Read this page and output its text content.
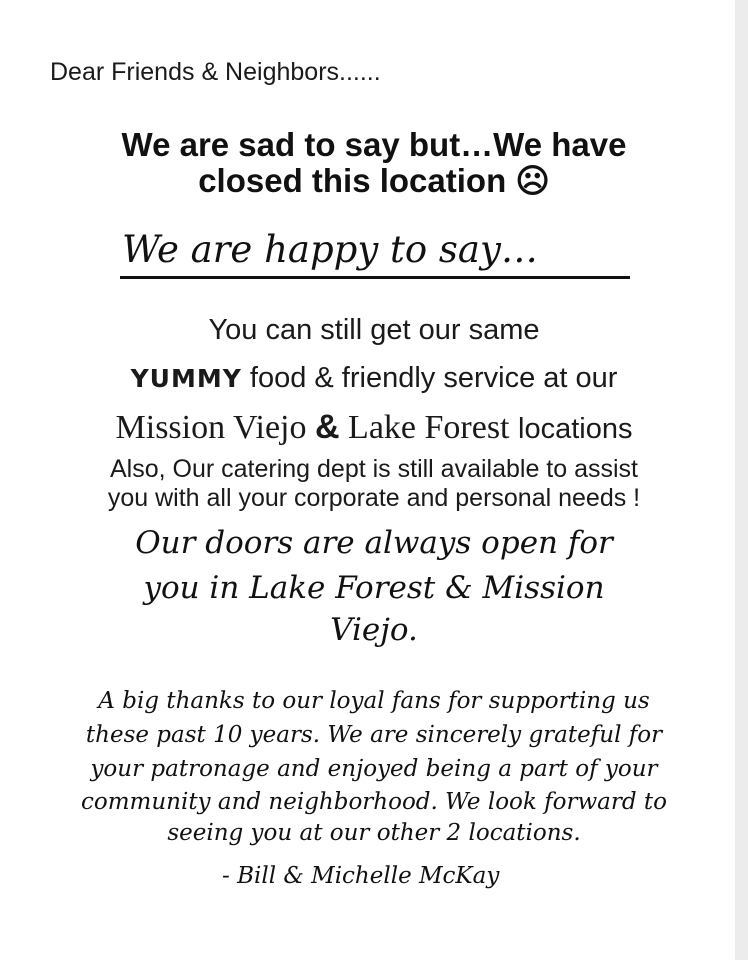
Dear Friends & Neighbors......
We are sad to say but…We have
closed this location ☹
We are happy to say…
You can still get our same
YUMMY food & friendly service at our
Mission Viejo & Lake Forest locations
Also, Our catering dept is still available to assist
you with all your corporate and personal needs !
Our doors are always open for
you in Lake Forest & Mission
Viejo.
A big thanks to our loyal fans for supporting us
these past 10 years. We are sincerely grateful for
your patronage and enjoyed being a part of your
community and neighborhood. We look forward to
seeing you at our other 2 locations.
- Bill & Michelle McKay
